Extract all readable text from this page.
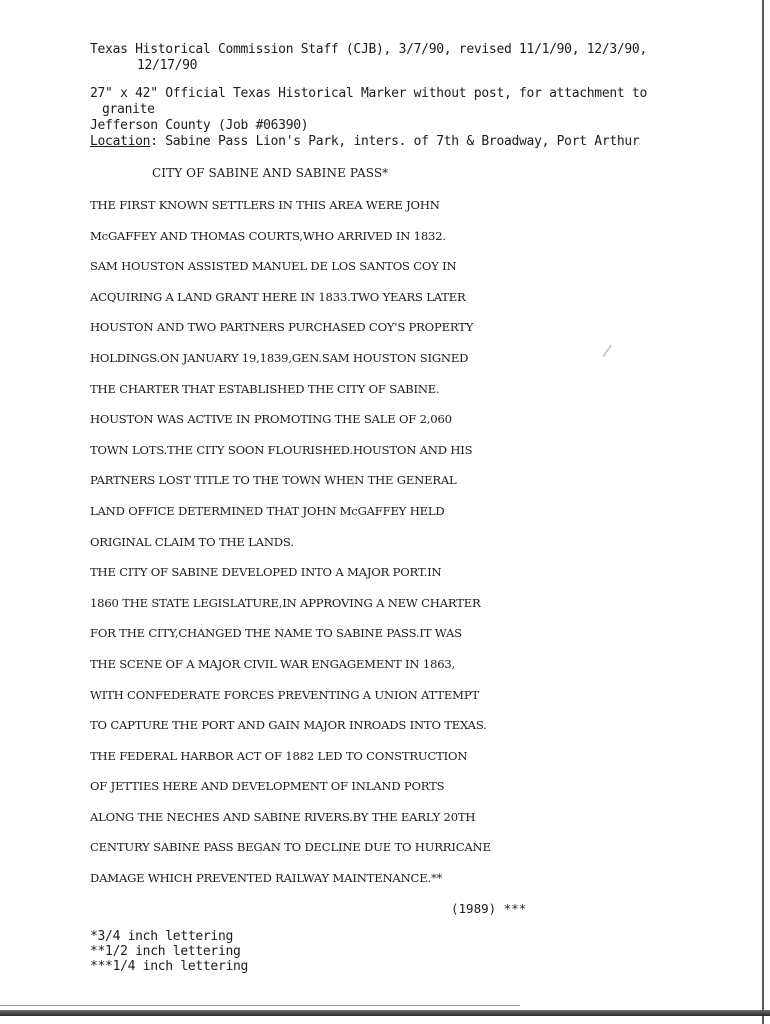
Texas Historical Commission Staff (CJB), 3/7/90, revised 11/1/90, 12/3/90,
12/17/90
27" x 42" Official Texas Historical Marker without post, for attachment to
granite
Jefferson County (Job #06390)
Location: Sabine Pass Lion's Park, inters. of 7th & Broadway, Port Arthur
CITY OF SABINE AND SABINE PASS*
THE FIRST KNOWN SETTLERS IN THIS AREA WERE JOHN
McGAFFEY AND THOMAS COURTS,WHO ARRIVED IN 1832.
SAM HOUSTON ASSISTED MANUEL DE LOS SANTOS COY IN
ACQUIRING A LAND GRANT HERE IN 1833.TWO YEARS LATER
HOUSTON AND TWO PARTNERS PURCHASED COY'S PROPERTY
HOLDINGS.ON JANUARY 19,1839,GEN.SAM HOUSTON SIGNED
THE CHARTER THAT ESTABLISHED THE CITY OF SABINE.
HOUSTON WAS ACTIVE IN PROMOTING THE SALE OF 2,060
TOWN LOTS.THE CITY SOON FLOURISHED.HOUSTON AND HIS
PARTNERS LOST TITLE TO THE TOWN WHEN THE GENERAL
LAND OFFICE DETERMINED THAT JOHN McGAFFEY HELD
ORIGINAL CLAIM TO THE LANDS.
THE CITY OF SABINE DEVELOPED INTO A MAJOR PORT.IN
1860 THE STATE LEGISLATURE,IN APPROVING A NEW CHARTER
FOR THE CITY,CHANGED THE NAME TO SABINE PASS.IT WAS
THE SCENE OF A MAJOR CIVIL WAR ENGAGEMENT IN 1863,
WITH CONFEDERATE FORCES PREVENTING A UNION ATTEMPT
TO CAPTURE THE PORT AND GAIN MAJOR INROADS INTO TEXAS.
THE FEDERAL HARBOR ACT OF 1882 LED TO CONSTRUCTION
OF JETTIES HERE AND DEVELOPMENT OF INLAND PORTS
ALONG THE NECHES AND SABINE RIVERS.BY THE EARLY 20TH
CENTURY SABINE PASS BEGAN TO DECLINE DUE TO HURRICANE
DAMAGE WHICH PREVENTED RAILWAY MAINTENANCE.**
(1989) ***
*3/4 inch lettering
**1/2 inch lettering
***1/4 inch lettering
